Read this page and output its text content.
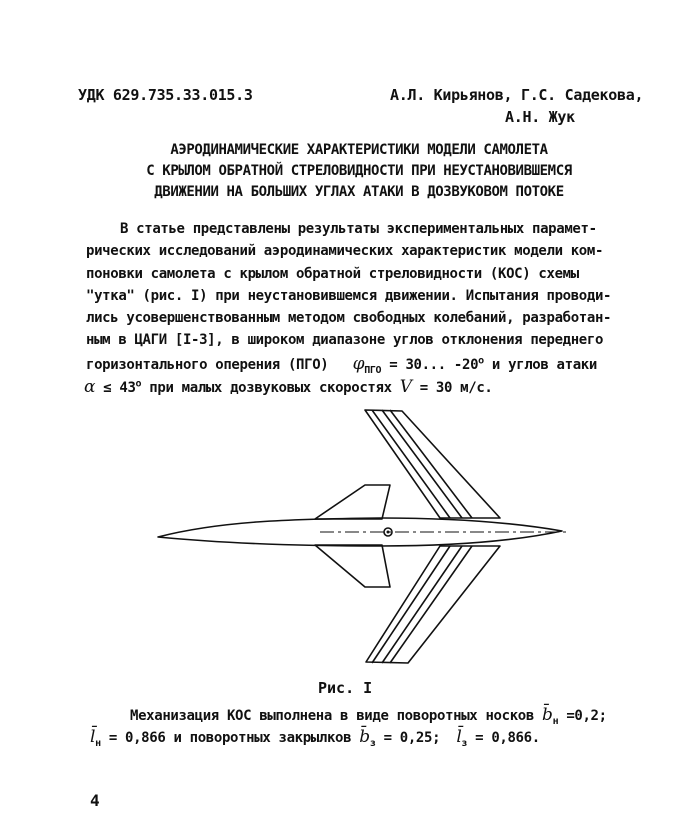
УДК 629.735.33.015.3	А.Л. Кирьянов, Г.С. Садекова,
А.Н. Жук
АЭРОДИНАМИЧЕСКИЕ ХАРАКТЕРИСТИКИ МОДЕЛИ САМОЛЕТА
С КРЫЛОМ ОБРАТНОЙ СТРЕЛОВИДНОСТИ ПРИ НЕУСТАНОВИВШЕМСЯ
ДВИЖЕНИИ НА БОЛЬШИХ УГЛАХ АТАКИ В ДОЗВУКОВОМ ПОТОКЕ
В статье представлены результаты экспериментальных парамет-
рических исследований аэродинамических характеристик модели ком-
поновки самолета с крылом обратной стреловидности (КОС) схемы
"утка" (рис. I) при неустановившемся движении. Испытания проводи-
лись усовершенствованным методом свободных колебаний, разработан-
ным в ЦАГИ [I-3], в широком диапазоне углов отклонения переднего
горизонтального оперения (ПГО) $\varphi_{ПГО} = 30$... $-20^о$ и углов атаки
$\alpha \le 43^о$ при малых дозвуковых скоростях V = 30 м/с.
Рис. I
Механизация КОС выполнена в виде поворотных носков $b̄_н =0,2$;
$l̄_н = 0,866$ и поворотных закрылков $b̄_з = 0,25$;  $l̄_з = 0,866$.
4
